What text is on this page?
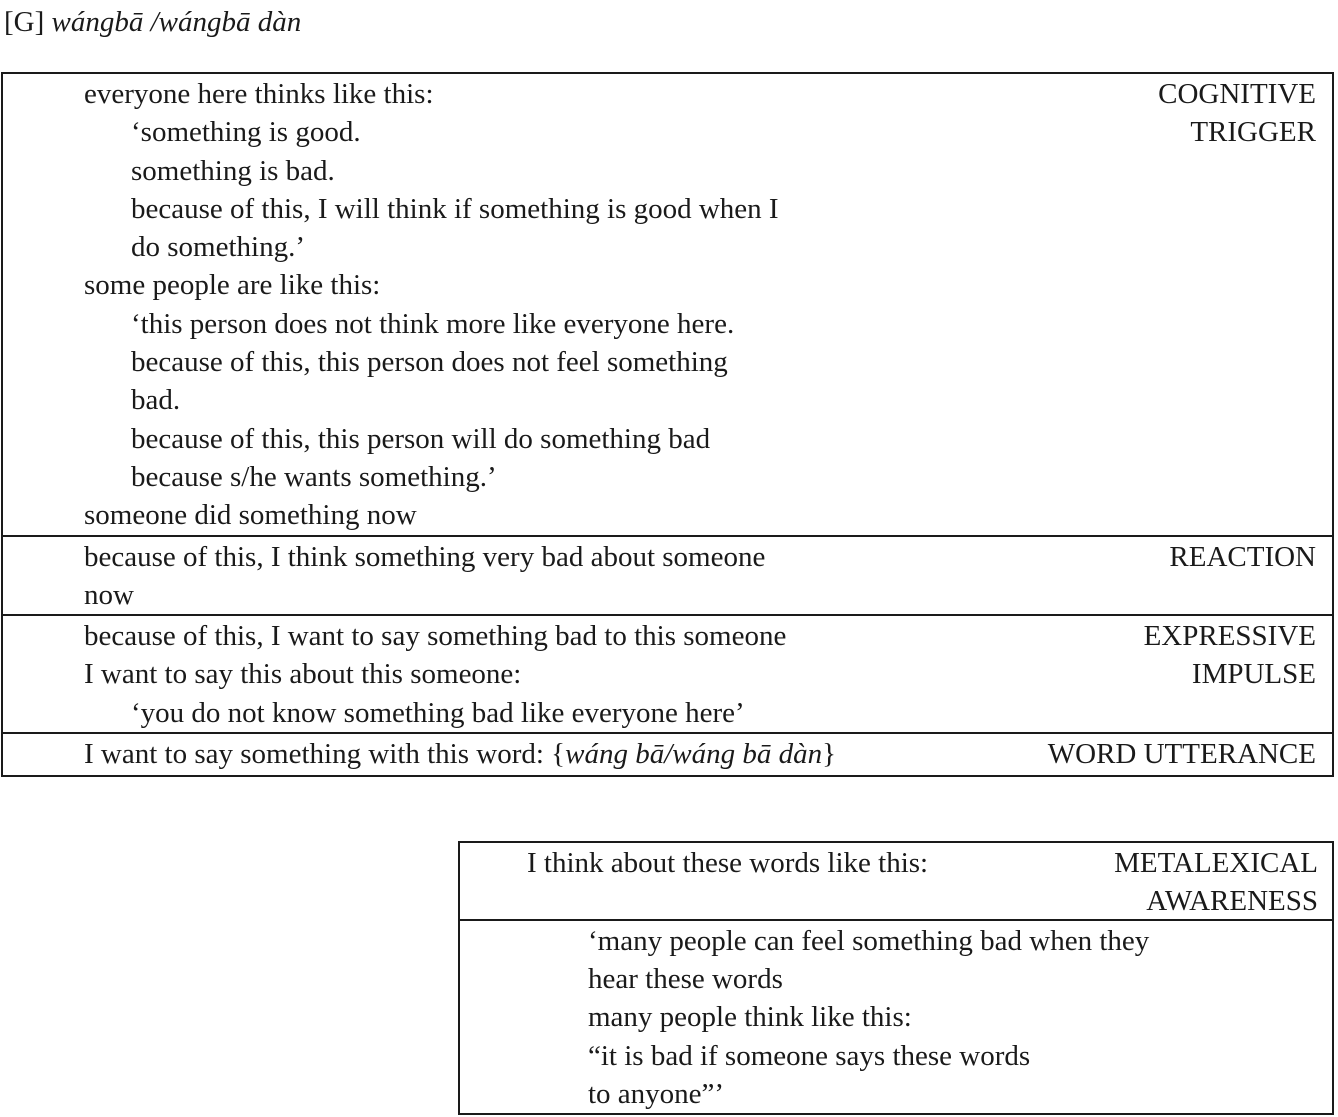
[G] wángbā /wángbā dàn
everyone here thinks like this:
‘something is good.
something is bad.
because of this, I will think if something is good when I
do something.’
some people are like this:
‘this person does not think more like everyone here.
because of this, this person does not feel something
bad.
because of this, this person will do something bad
because s/he wants something.’
someone did something now
COGNITIVE
TRIGGER
because of this, I think something very bad about someone
now
REACTION
because of this, I want to say something bad to this someone
I want to say this about this someone:
‘you do not know something bad like everyone here’
EXPRESSIVE
IMPULSE
I want to say something with this word: {wáng bā/wáng bā dàn}	WORD UTTERANCE
I think about these words like this:	METALEXICAL
AWARENESS
‘many people can feel something bad when they
hear these words
many people think like this:
“it is bad if someone says these words
to anyone”’
